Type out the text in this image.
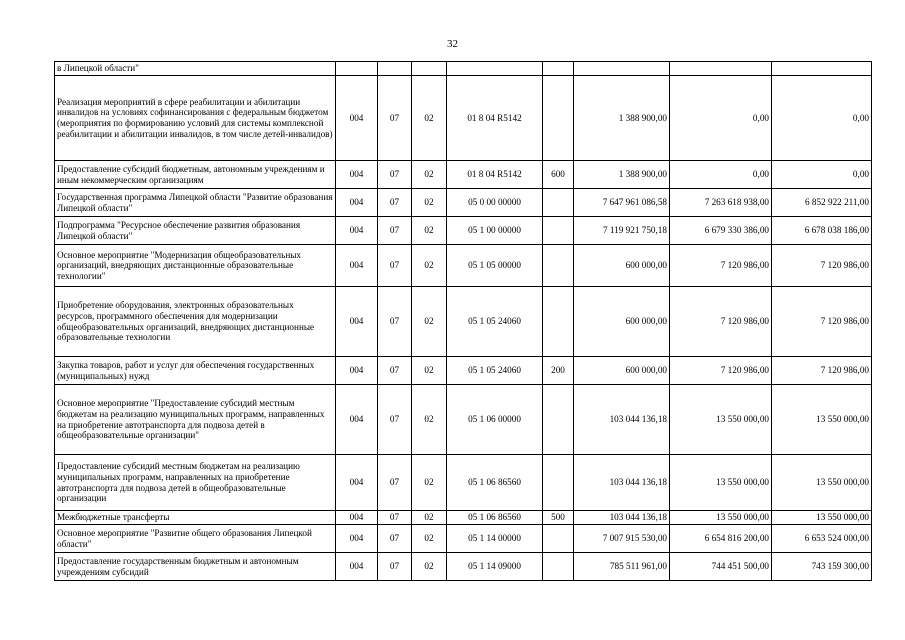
32
в Липецкой области"								
Реализация мероприятий в сфере реабилитации и абилитации инвалидов на условиях софинансирования с федеральным бюджетом (мероприятия по формированию условий для системы комплексной реабилитации и абилитации инвалидов, в том числе детей-инвалидов)	004	07	02	01 8 04 R5142		1 388 900,00	0,00	0,00
Предоставление субсидий бюджетным, автономным учреждениям и иным некоммерческим организациям	004	07	02	01 8 04 R5142	600	1 388 900,00	0,00	0,00
Государственная программа Липецкой области "Развитие образования Липецкой области"	004	07	02	05 0 00 00000		7 647 961 086,58	7 263 618 938,00	6 852 922 211,00
Подпрограмма "Ресурсное обеспечение развития образования Липецкой области"	004	07	02	05 1 00 00000		7 119 921 750,18	6 679 330 386,00	6 678 038 186,00
Основное мероприятие "Модернизация общеобразовательных организаций, внедряющих дистанционные образовательные технологии"	004	07	02	05 1 05 00000		600 000,00	7 120 986,00	7 120 986,00
Приобретение оборудования, электронных образовательных ресурсов, программного обеспечения для модернизации общеобразовательных организаций, внедряющих дистанционные образовательные технологии	004	07	02	05 1 05 24060		600 000,00	7 120 986,00	7 120 986,00
Закупка товаров, работ и услуг для обеспечения государственных (муниципальных) нужд	004	07	02	05 1 05 24060	200	600 000,00	7 120 986,00	7 120 986,00
Основное мероприятие "Предоставление субсидий местным бюджетам на реализацию муниципальных программ, направленных на приобретение автотранспорта для подвоза детей в общеобразовательные организации"	004	07	02	05 1 06 00000		103 044 136,18	13 550 000,00	13 550 000,00
Предоставление субсидий местным бюджетам на реализацию муниципальных программ, направленных на приобретение автотранспорта для подвоза детей в общеобразовательные организации	004	07	02	05 1 06 86560		103 044 136,18	13 550 000,00	13 550 000,00
Межбюджетные трансферты	004	07	02	05 1 06 86560	500	103 044 136,18	13 550 000,00	13 550 000,00
Основное мероприятие "Развитие общего образования Липецкой области"	004	07	02	05 1 14 00000		7 007 915 530,00	6 654 816 200,00	6 653 524 000,00
Предоставление государственным бюджетным и автономным учреждениям субсидий	004	07	02	05 1 14 09000		785 511 961,00	744 451 500,00	743 159 300,00
